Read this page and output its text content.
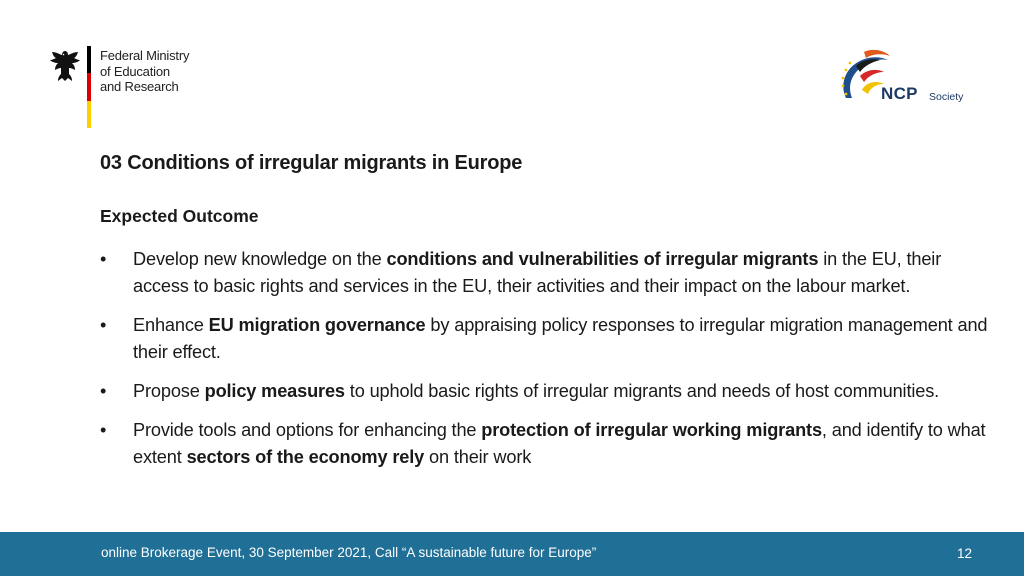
Federal Ministry
of Education
and Research	NCP Society
03 Conditions of irregular migrants in Europe
Expected Outcome
• Develop new knowledge on the conditions and vulnerabilities of irregular migrants in the EU, their access to basic rights and services in the EU, their activities and their impact on the labour market.
• Enhance EU migration governance by appraising policy responses to irregular migration management and their effect.
• Propose policy measures to uphold basic rights of irregular migrants and needs of host communities.
• Provide tools and options for enhancing the protection of irregular working migrants, and identify to what extent sectors of the economy rely on their work
online Brokerage Event, 30 September 2021, Call “A sustainable future for Europe”	12
